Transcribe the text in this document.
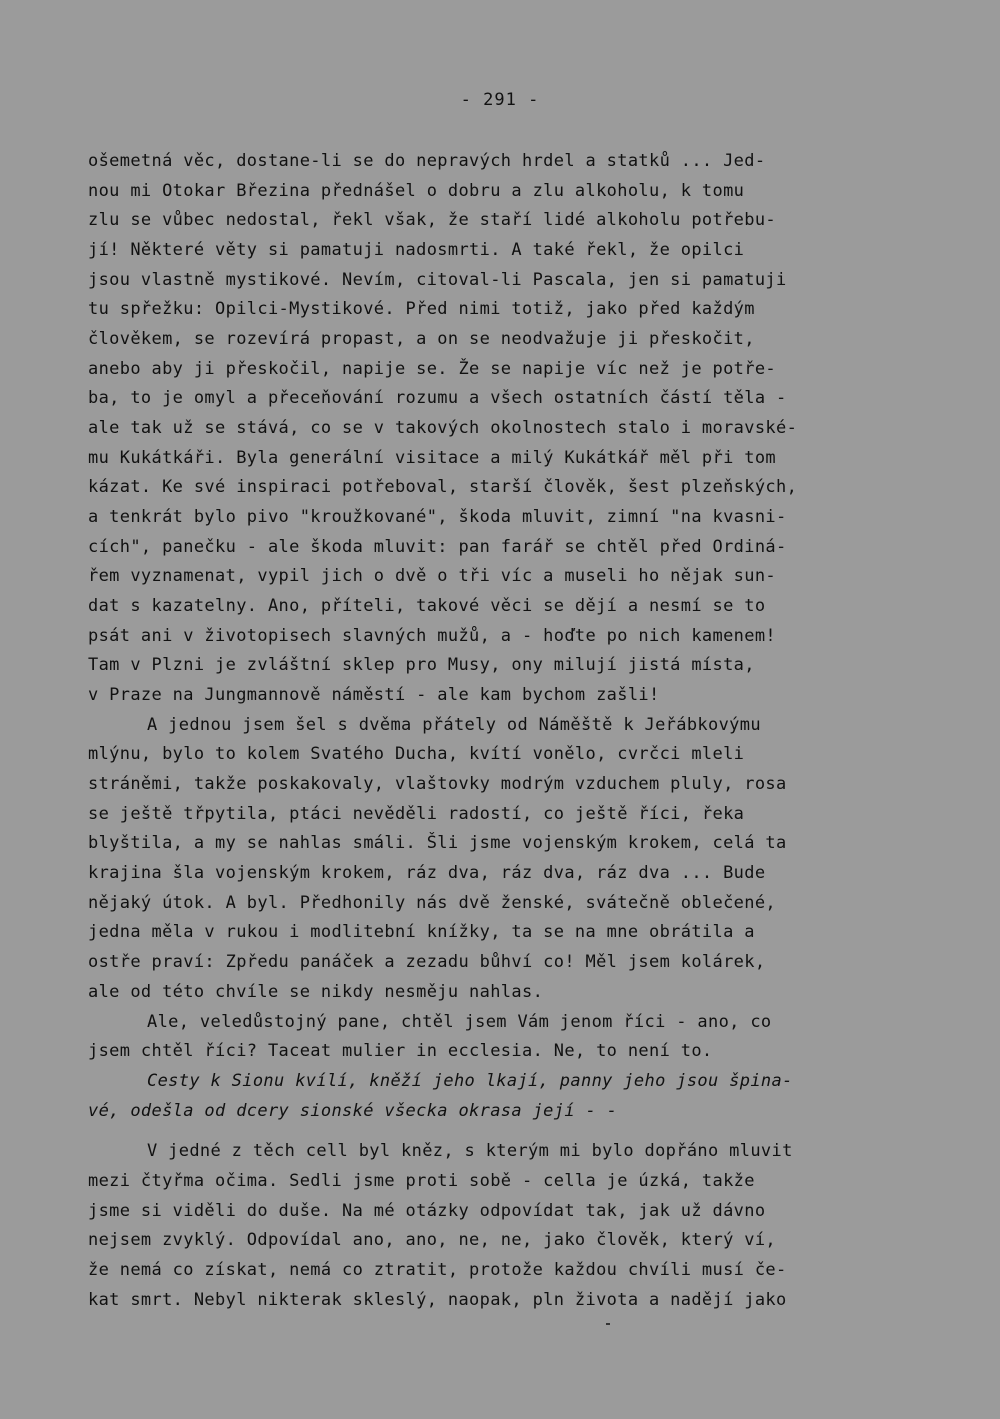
- 291 -
ošemetná věc, dostane-li se do nepravých hrdel a statků ... Jed-
nou mi Otokar Březina přednášel o dobru a zlu alkoholu, k tomu
zlu se vůbec nedostal, řekl však, že staří lidé alkoholu potřebu-
jí! Některé věty si pamatuji nadosmrti. A také řekl, že opilci
jsou vlastně mystikové. Nevím, citoval-li Pascala, jen si pamatuji
tu spřežku: Opilci-Mystikové. Před nimi totiž, jako před každým
člověkem, se rozevírá propast, a on se neodvažuje ji přeskočit,
anebo aby ji přeskočil, napije se. Že se napije víc než je potře-
ba, to je omyl a přeceňování rozumu a všech ostatních částí těla -
ale tak už se stává, co se v takových okolnostech stalo i moravské-
mu Kukátkáři. Byla generální visitace a milý Kukátkář měl při tom
kázat. Ke své inspiraci potřeboval, starší člověk, šest plzeňských,
a tenkrát bylo pivo "kroužkované", škoda mluvit, zimní "na kvasni-
cích", panečku - ale škoda mluvit: pan farář se chtěl před Ordiná-
řem vyznamenat, vypil jich o dvě o tři víc a museli ho nějak sun-
dat s kazatelny. Ano, příteli, takové věci se dějí a nesmí se to
psát ani v životopisech slavných mužů, a - hoďte po nich kamenem!
Tam v Plzni je zvláštní sklep pro Musy, ony milují jistá místa,
v Praze na Jungmannově náměstí - ale kam bychom zašli!
A jednou jsem šel s dvěma přátely od Náměště k Jeřábkovýmu
mlýnu, bylo to kolem Svatého Ducha, kvítí vonělo, cvrčci mleli
stráněmi, takže poskakovaly, vlaštovky modrým vzduchem pluly, rosa
se ještě třpytila, ptáci nevěděli radostí, co ještě říci, řeka
blyštila, a my se nahlas smáli. Šli jsme vojenským krokem, celá ta
krajina šla vojenským krokem, ráz dva, ráz dva, ráz dva ... Bude
nějaký útok. A byl. Předhonily nás dvě ženské, svátečně oblečené,
jedna měla v rukou i modlitební knížky, ta se na mne obrátila a
ostře praví: Zpředu panáček a zezadu bůhví co! Měl jsem kolárek,
ale od této chvíle se nikdy nesměju nahlas.
Ale, veledůstojný pane, chtěl jsem Vám jenom říci - ano, co
jsem chtěl říci? Taceat mulier in ecclesia. Ne, to není to.
Cesty k Sionu kvílí, kněží jeho lkají, panny jeho jsou špina-
vé, odešla od dcery sionské všecka okrasa její - -
V jedné z těch cell byl kněz, s kterým mi bylo dopřáno mluvit
mezi čtyřma očima. Sedli jsme proti sobě - cella je úzká, takže
jsme si viděli do duše. Na mé otázky odpovídat tak, jak už dávno
nejsem zvyklý. Odpovídal ano, ano, ne, ne, jako člověk, který ví,
že nemá co získat, nemá co ztratit, protože každou chvíli musí če-
kat smrt. Nebyl nikterak skleslý, naopak, pln života a nadějí jako
